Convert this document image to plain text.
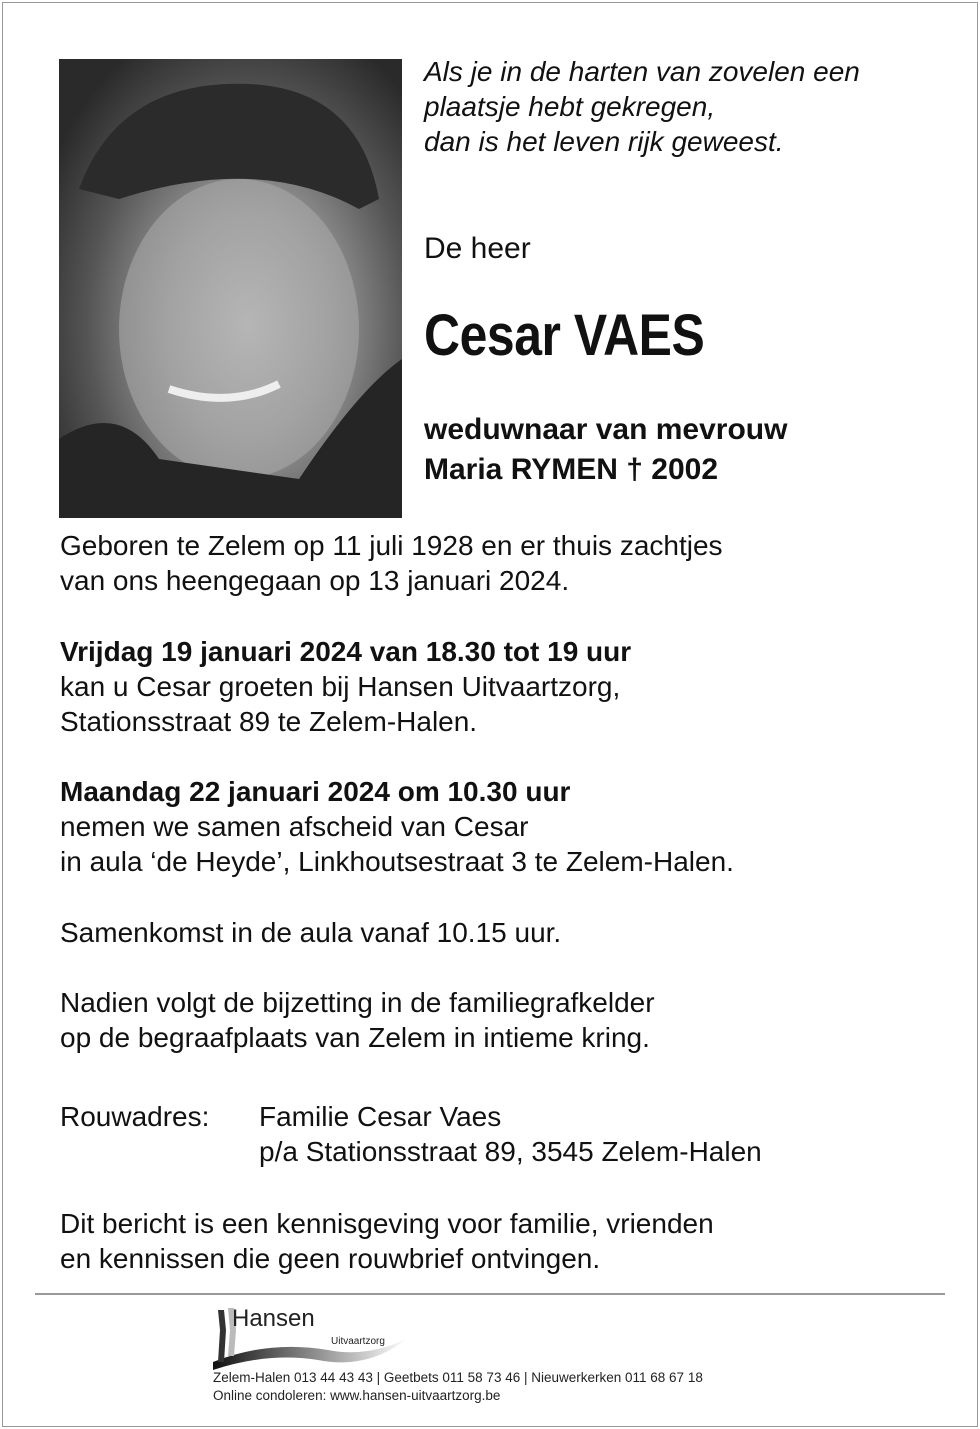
Als je in de harten van zovelen een
plaatsje hebt gekregen,
dan is het leven rijk geweest.
De heer
Cesar VAES
weduwnaar van mevrouw
Maria RYMEN † 2002

Geboren te Zelem op 11 juli 1928 en er thuis zachtjes

van ons heengegaan op 13 januari 2024.

Vrijdag 19 januari 2024 van 18.30 tot 19 uur

kan u Cesar groeten bij Hansen Uitvaartzorg,

Stationsstraat 89 te Zelem-Halen.

Maandag 22 januari 2024 om 10.30 uur

nemen we samen afscheid van Cesar

in aula ‘de Heyde’, Linkhoutsestraat 3 te Zelem-Halen.

Samenkomst in de aula vanaf 10.15 uur.

Nadien volgt de bijzetting in de familiegrafkelder

op de begraafplaats van Zelem in intieme kring.

Rouwadres: Familie Cesar Vaes
p/a Stationsstraat 89, 3545 Zelem-Halen

Dit bericht is een kennisgeving voor familie, vrienden

en kennissen die geen rouwbrief ontvingen.

Hansen
Uitvaartzorg
Zelem-Halen 013 44 43 43 | Geetbets 011 58 73 46 | Nieuwerkerken 011 68 67 18
Online condoleren: www.hansen-uitvaartzorg.be
